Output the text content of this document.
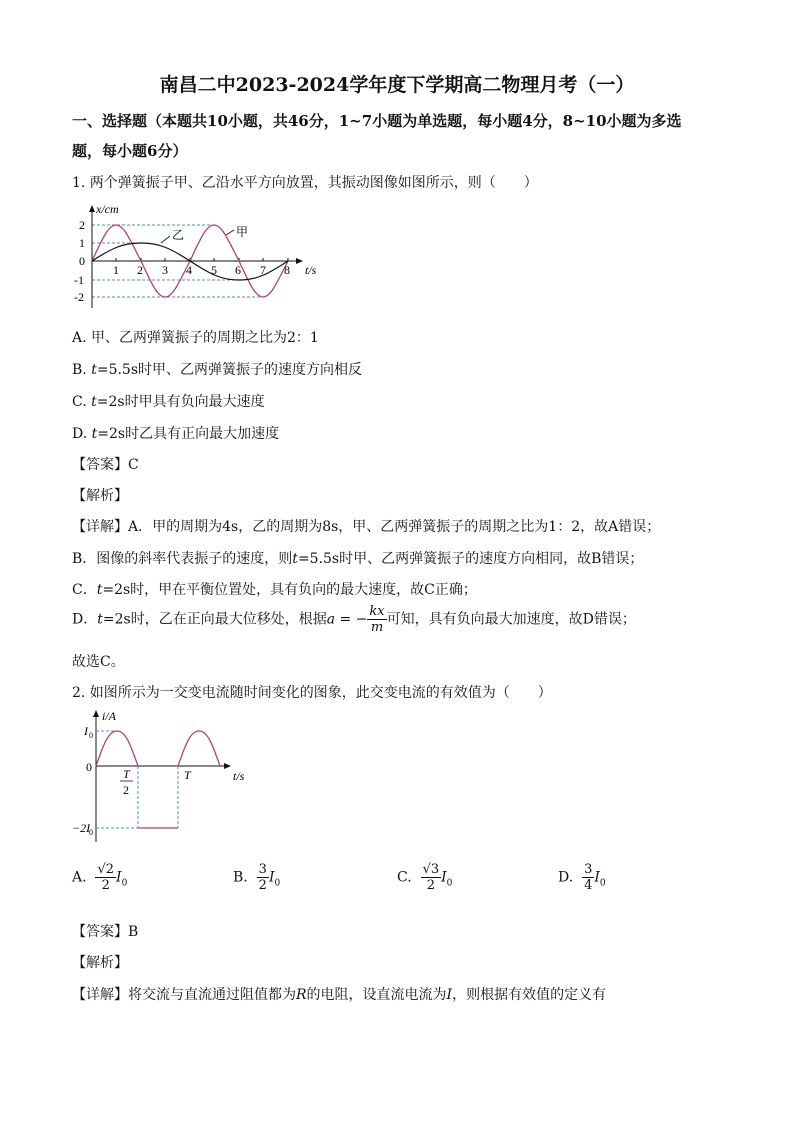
南昌二中2023-2024学年度下学期高二物理月考（一）
一、选择题（本题共10小题，共46分，1~7小题为单选题，每小题4分，8~10小题为多选
题，每小题6分）
1. 两个弹簧振子甲、乙沿水平方向放置，其振动图像如图所示，则（　　）
x/cm
t/s
乙	甲
2
1
0
-1
-2
1 2 3 4 5 6 7 8
A. 甲、乙两弹簧振子的周期之比为2：1
B. t=5.5s时甲、乙两弹簧振子的速度方向相反
C. t=2s时甲具有负向最大速度
D. t=2s时乙具有正向最大加速度
【答案】C
【解析】
【详解】A．甲的周期为4s，乙的周期为8s，甲、乙两弹簧振子的周期之比为1：2，故A错误；
B．图像的斜率代表振子的速度，则t=5.5s时甲、乙两弹簧振子的速度方向相同，故B错误；
C．t=2s时，甲在平衡位置处，具有负向的最大速度，故C正确；
D．t=2s时，乙在正向最大位移处，根据a = − $\frac{kx}{m}$ 可知，具有负向最大加速度，故D错误；
故选C。
2. 如图所示为一交变电流随时间变化的图象，此交变电流的有效值为（　　）
i/A
t/s
I 0
0
−2I
0
T
2
T
A. $\frac{√2}{2} I_0$	B. $\frac{3}{2} I_0$	C. $\frac{√3}{2} I_0$	D. $\frac{3}{4} I_0$
【答案】B
【解析】
【详解】将交流与直流通过阻值都为R的电阻，设直流电流为I，则根据有效值的定义有
